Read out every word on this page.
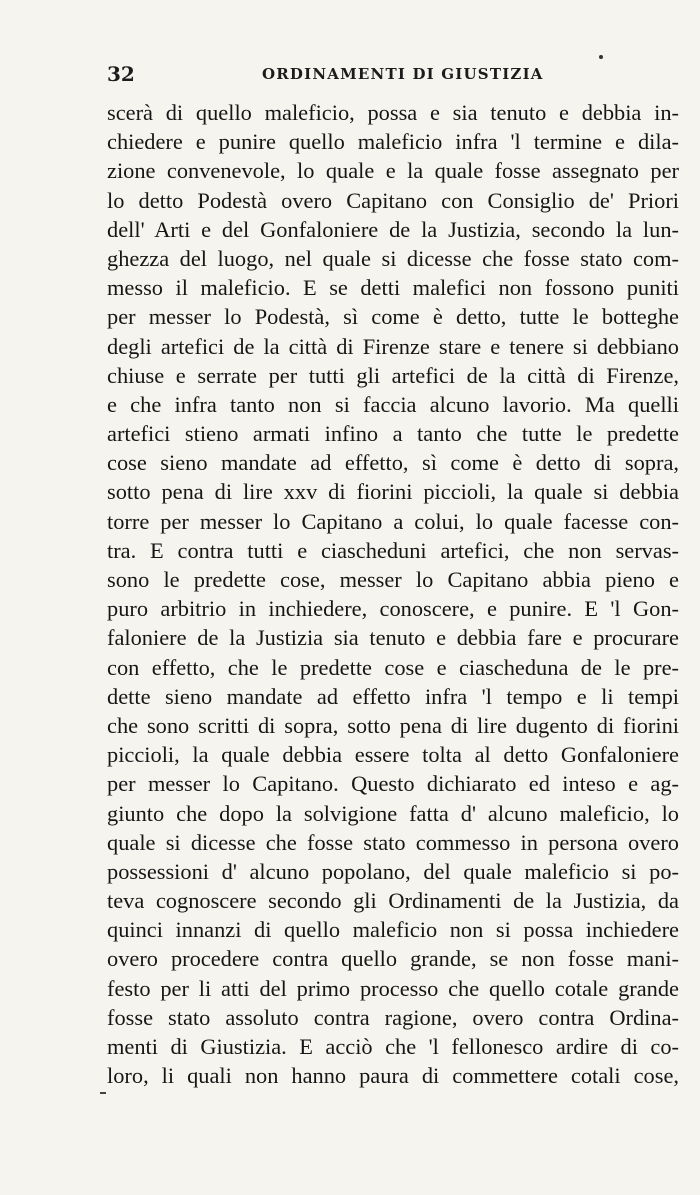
32	ORDINAMENTI DI GIUSTIZIA
scerà di quello maleficio, possa e sia tenuto e debbia in-
chiedere e punire quello maleficio infra 'l termine e dila-
zione convenevole, lo quale e la quale fosse assegnato per
lo detto Podestà overo Capitano con Consiglio de' Priori
dell' Arti e del Gonfaloniere de la Justizia, secondo la lun-
ghezza del luogo, nel quale si dicesse che fosse stato com-
messo il maleficio. E se detti malefici non fossono puniti
per messer lo Podestà, sì come è detto, tutte le botteghe
degli artefici de la città di Firenze stare e tenere si debbiano
chiuse e serrate per tutti gli artefici de la città di Firenze,
e che infra tanto non si faccia alcuno lavorio. Ma quelli
artefici stieno armati infino a tanto che tutte le predette
cose sieno mandate ad effetto, sì come è detto di sopra,
sotto pena di lire xxv di fiorini piccioli, la quale si debbia
torre per messer lo Capitano a colui, lo quale facesse con-
tra. E contra tutti e ciascheduni artefici, che non servas-
sono le predette cose, messer lo Capitano abbia pieno e
puro arbitrio in inchiedere, conoscere, e punire. E 'l Gon-
faloniere de la Justizia sia tenuto e debbia fare e procurare
con effetto, che le predette cose e ciascheduna de le pre-
dette sieno mandate ad effetto infra 'l tempo e li tempi
che sono scritti di sopra, sotto pena di lire dugento di fiorini
piccioli, la quale debbia essere tolta al detto Gonfaloniere
per messer lo Capitano. Questo dichiarato ed inteso e ag-
giunto che dopo la solvigione fatta d' alcuno maleficio, lo
quale si dicesse che fosse stato commesso in persona overo
possessioni d' alcuno popolano, del quale maleficio si po-
teva cognoscere secondo gli Ordinamenti de la Justizia, da
quinci innanzi di quello maleficio non si possa inchiedere
overo procedere contra quello grande, se non fosse mani-
festo per li atti del primo processo che quello cotale grande
fosse stato assoluto contra ragione, overo contra Ordina-
menti di Giustizia. E acciò che 'l fellonesco ardire di co-
loro, li quali non hanno paura di commettere cotali cose,
